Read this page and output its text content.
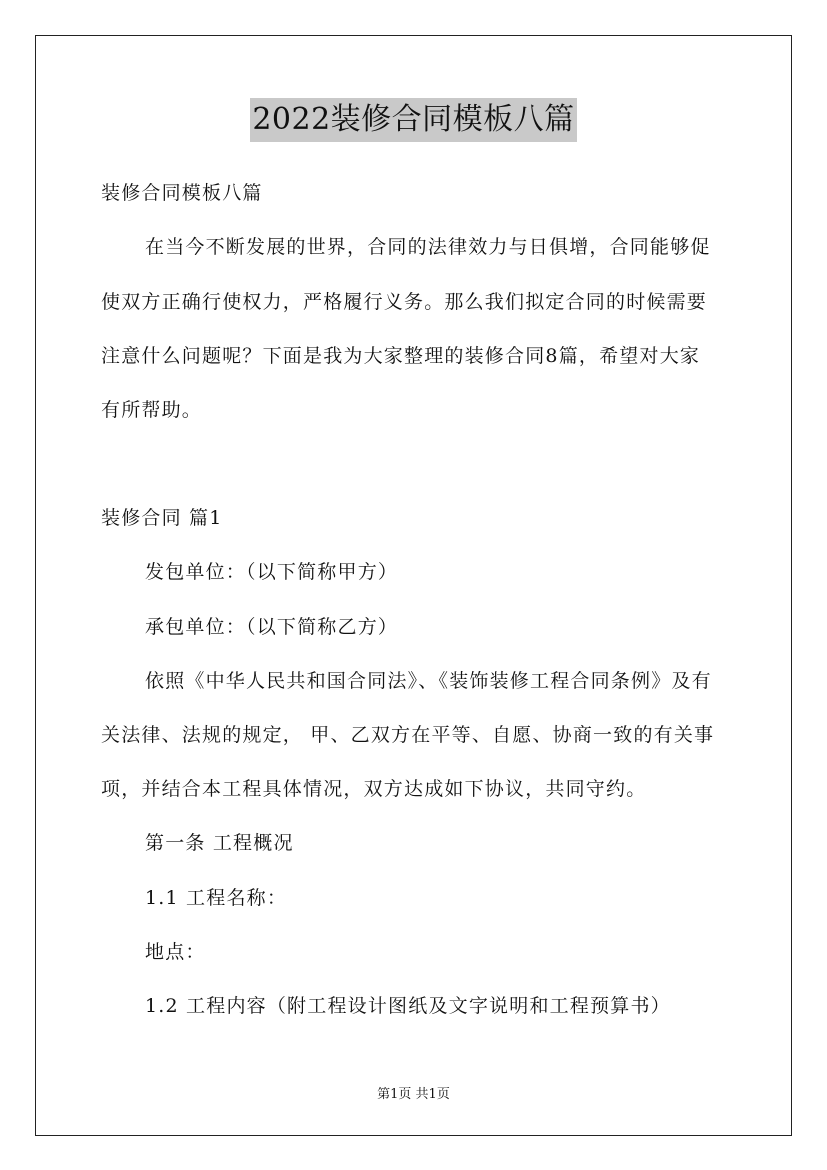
2022装修合同模板八篇
装修合同模板八篇
在当今不断发展的世界，合同的法律效力与日俱增，合同能够促
使双方正确行使权力，严格履行义务。那么我们拟定合同的时候需要
注意什么问题呢？下面是我为大家整理的装修合同8篇，希望对大家
有所帮助。
装修合同 篇1
发包单位：（以下简称甲方）
承包单位：（以下简称乙方）
依照《中华人民共和国合同法》、《装饰装修工程合同条例》及有
关法律、法规的规定， 甲、乙双方在平等、自愿、协商一致的有关事
项，并结合本工程具体情况，双方达成如下协议，共同守约。
第一条 工程概况
1.1 工程名称：
地点：
1.2 工程内容（附工程设计图纸及文字说明和工程预算书）
第1页 共1页
